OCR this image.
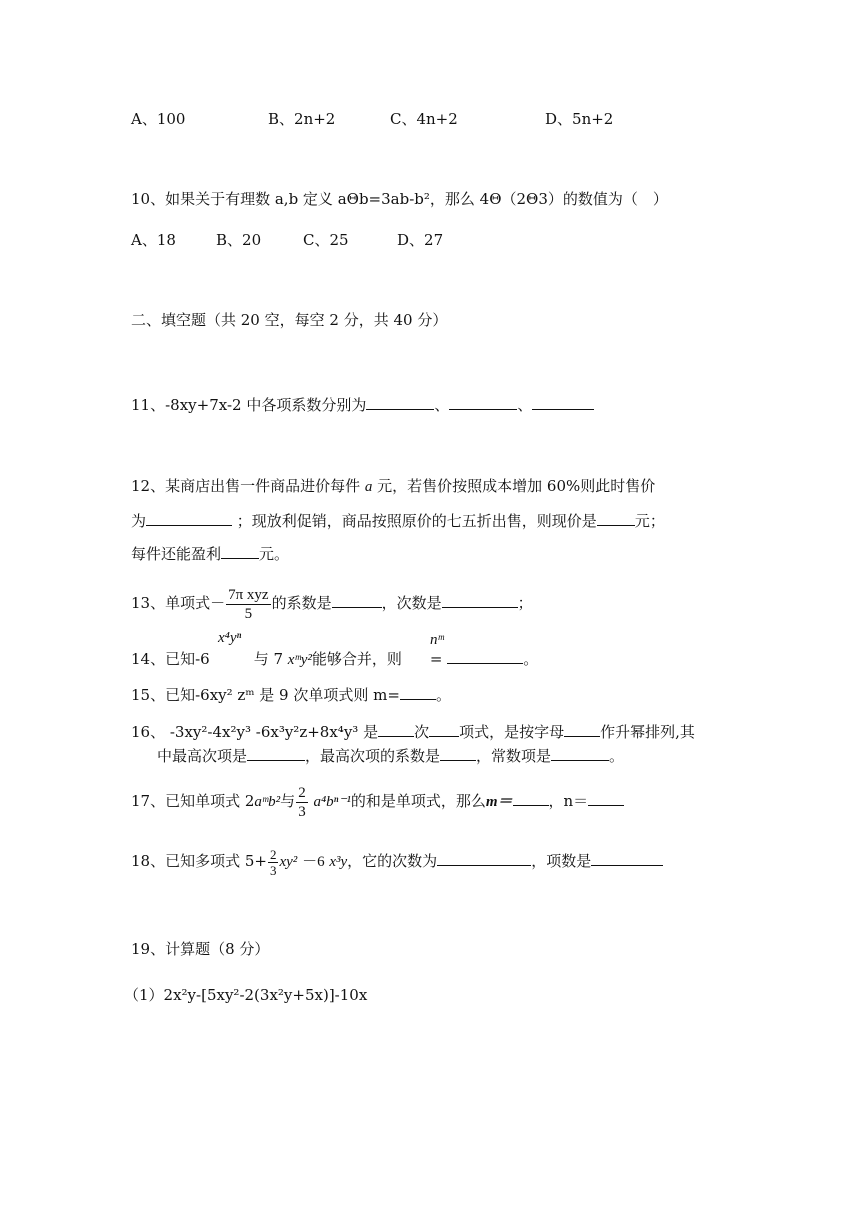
A、100	B、2n+2	C、4n+2	D、5n+2
10、如果关于有理数 a,b 定义 aΘb=3ab-b²，那么 4Θ（2Θ3）的数值为（　）
A、18	B、20	C、25	D、27
二、填空题（共 20 空，每空 2 分，共 40 分）
11、-8xy+7x-2 中各项系数分别为	、	、
12、某商店出售一件商品进价每件 a 元，若售价按照成本增加 60%则此时售价
为	；现放利促销，商品按照原价的七五折出售，则现价是	元；
每件还能盈利	元。
13、单项式－ $\frac{\text{7π xyz}}{5}$ 的系数是	，次数是	；
x⁴yⁿ	nᵐ
14、已知-6	与 7 xᵐy²能够合并，则 =	。
15、已知-6xy² zᵐ 是 9 次单项式则 m= 。
16、 -3xy²-4x²y³ -6x³y²z+8x⁴y³ 是 次 项式，是按字母 作升幂排列,其
中最高次项是	，最高次项的系数是 ，常数项是	。
17、已知单项式 2aᵐb²与 $\frac{2}{3} a^4b^{n-1}$的和是单项式，那么m＝ ，n＝
18、已知多项式 $5+ \frac{2}{3} xy^2 -6$ x³y，它的次数为	，项数是
19、计算题（8 分）
（1）2x²y-[5xy²-2(3x²y+5x)]-10x
